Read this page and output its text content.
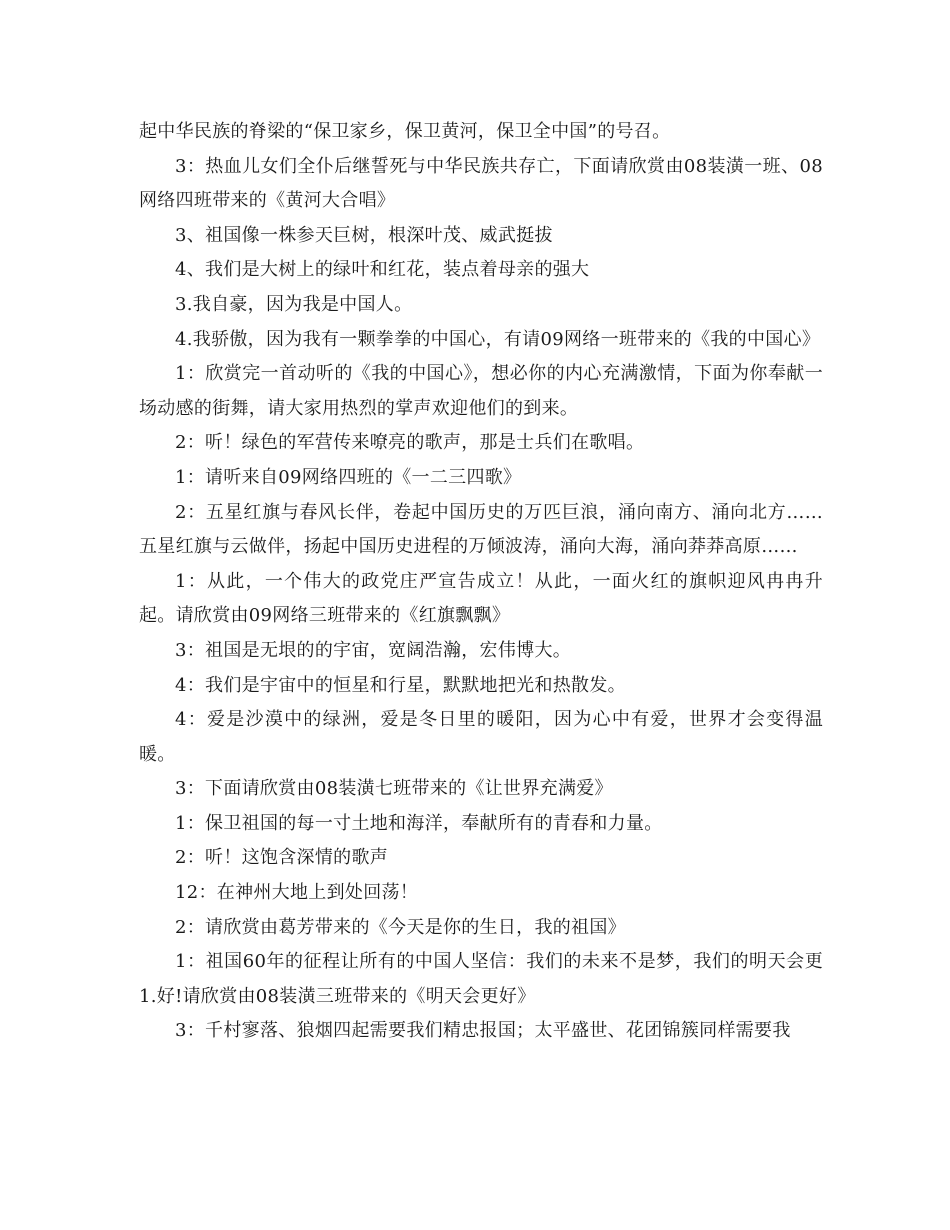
起中华民族的脊梁的“保卫家乡，保卫黄河，保卫全中国”的号召。

3：热血儿女们全仆后继誓死与中华民族共存亡，下面请欣赏由08装潢一班、08网络四班带来的《黄河大合唱》

3、祖国像一株参天巨树，根深叶茂、威武挺拔

4、我们是大树上的绿叶和红花，装点着母亲的强大

3.我自豪，因为我是中国人。

4.我骄傲，因为我有一颗拳拳的中国心，有请09网络一班带来的《我的中国心》

1：欣赏完一首动听的《我的中国心》，想必你的内心充满激情，下面为你奉献一场动感的街舞，请大家用热烈的掌声欢迎他们的到来。

2：听！绿色的军营传来嘹亮的歌声，那是士兵们在歌唱。

1：请听来自09网络四班的《一二三四歌》

2：五星红旗与春风长伴，卷起中国历史的万匹巨浪，涌向南方、涌向北方……五星红旗与云做伴，扬起中国历史进程的万倾波涛，涌向大海，涌向莽莽高原……

1：从此，一个伟大的政党庄严宣告成立！从此，一面火红的旗帜迎风冉冉升起。请欣赏由09网络三班带来的《红旗飘飘》

3：祖国是无垠的的宇宙，宽阔浩瀚，宏伟博大。

4：我们是宇宙中的恒星和行星，默默地把光和热散发。

4：爱是沙漠中的绿洲，爱是冬日里的暖阳，因为心中有爱，世界才会变得温暖。

3：下面请欣赏由08装潢七班带来的《让世界充满爱》

1：保卫祖国的每一寸土地和海洋，奉献所有的青春和力量。

2：听！这饱含深情的歌声

12：在神州大地上到处回荡！

2：请欣赏由葛芳带来的《今天是你的生日，我的祖国》

1：祖国60年的征程让所有的中国人坚信：我们的未来不是梦，我们的明天会更1.好!请欣赏由08装潢三班带来的《明天会更好》

3：千村寥落、狼烟四起需要我们精忠报国；太平盛世、花团锦簇同样需要我
